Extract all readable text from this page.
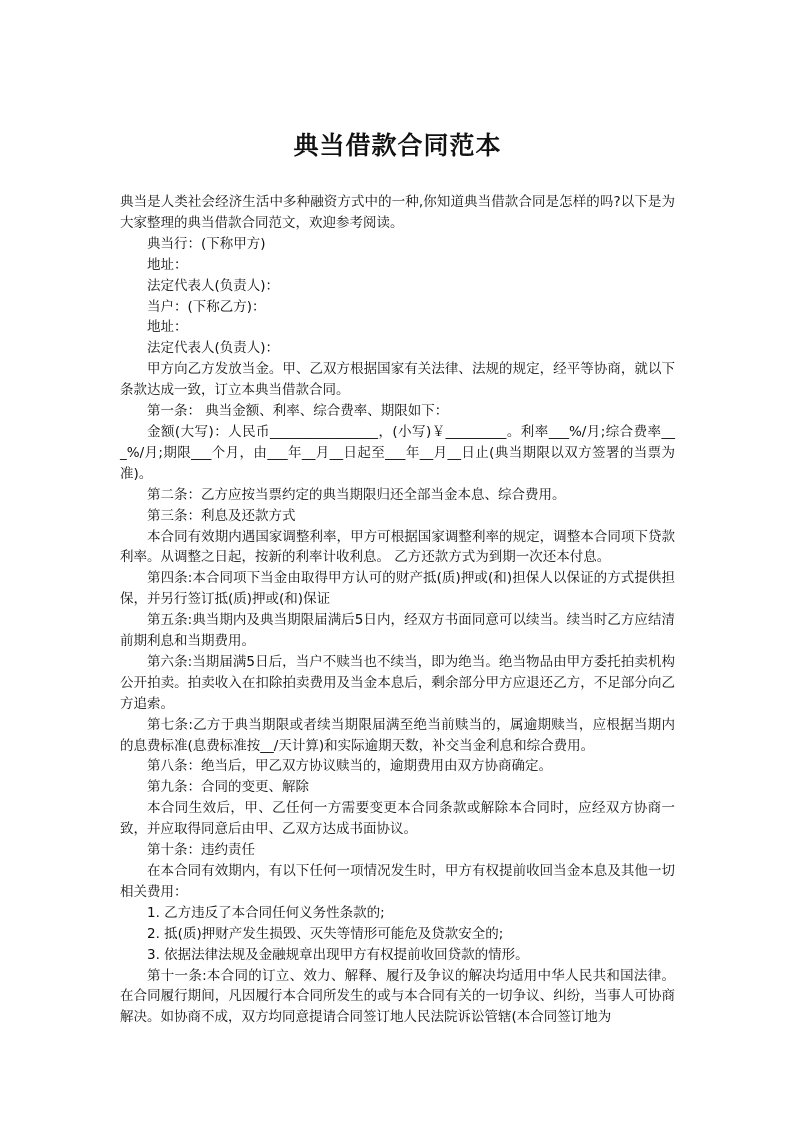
典当借款合同范本

典当是人类社会经济生活中多种融资方式中的一种,你知道典当借款合同是怎样的吗?以下是为大家整理的典当借款合同范文，欢迎参考阅读。

典当行：(下称甲方)

地址：

法定代表人(负责人)：

当户：(下称乙方)：

地址：

法定代表人(负责人)：

甲方向乙方发放当金。甲、乙双方根据国家有关法律、法规的规定，经平等协商，就以下条款达成一致，订立本典当借款合同。

第一条： 典当金额、利率、综合费率、期限如下：

金额(大写)：人民币________________，(小写)￥_________。利率___%/月;综合费率___%/月;期限___个月，由___年__月__日起至___年__月__日止(典当期限以双方签署的当票为准)。

第二条：乙方应按当票约定的典当期限归还全部当金本息、综合费用。

第三条：利息及还款方式

本合同有效期内遇国家调整利率，甲方可根据国家调整利率的规定，调整本合同项下贷款利率。从调整之日起，按新的利率计收利息。 乙方还款方式为到期一次还本付息。

第四条:本合同项下当金由取得甲方认可的财产抵(质)押或(和)担保人以保证的方式提供担保，并另行签订抵(质)押或(和)保证

第五条:典当期内及典当期限届满后5日内，经双方书面同意可以续当。续当时乙方应结清前期利息和当期费用。

第六条:当期届满5日后，当户不赎当也不续当，即为绝当。绝当物品由甲方委托拍卖机构公开拍卖。拍卖收入在扣除拍卖费用及当金本息后，剩余部分甲方应退还乙方，不足部分向乙方追索。

第七条:乙方于典当期限或者续当期限届满至绝当前赎当的，属逾期赎当，应根据当期内的息费标准(息费标准按__/天计算)和实际逾期天数，补交当金利息和综合费用。

第八条：绝当后，甲乙双方协议赎当的，逾期费用由双方协商确定。

第九条：合同的变更、解除

本合同生效后，甲、乙任何一方需要变更本合同条款或解除本合同时，应经双方协商一致，并应取得同意后由甲、乙双方达成书面协议。

第十条：违约责任

在本合同有效期内，有以下任何一项情况发生时，甲方有权提前收回当金本息及其他一切相关费用：

1. 乙方违反了本合同任何义务性条款的;

2. 抵(质)押财产发生损毁、灭失等情形可能危及贷款安全的;

3. 依据法律法规及金融规章出现甲方有权提前收回贷款的情形。

第十一条:本合同的订立、效力、解释、履行及争议的解决均适用中华人民共和国法律。在合同履行期间，凡因履行本合同所发生的或与本合同有关的一切争议、纠纷，当事人可协商解决。如协商不成，双方均同意提请合同签订地人民法院诉讼管辖(本合同签订地为
